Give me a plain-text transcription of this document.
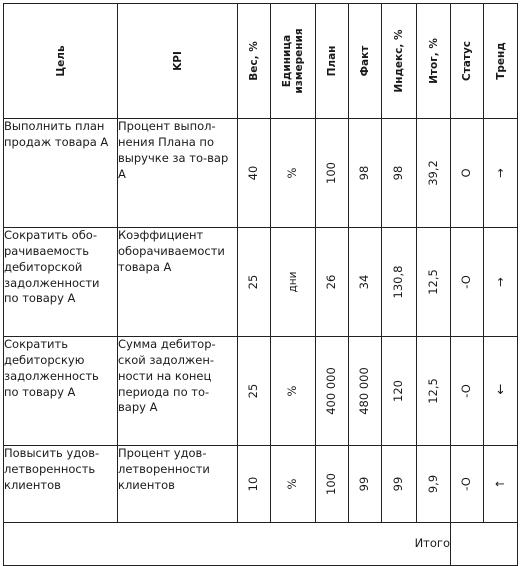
Цель	KPI	Вес, %	Единица
измерения	План	Факт	Индекс, %	Итог, %	Статус	Тренд

Выполнить план продаж товара А	Процент выпол-нения Плана по выручке за то-вар А	40	%	100	98	98	39,2	O	→

Сократить обо-рачиваемость дебиторской задолженности по товару А	Коэффициент оборачиваемости товара А	25	дни	26	34	130,8	12,5	-O	→

Сократить дебиторскую задолженность по товару А	Сумма дебитор-ской задолжен-ности на конец периода по то-вару А	25	%	400 000	480 000	120	12,5	-O	↓

Повысить удов-летворенность клиентов	Процент удов-летворенности клиентов	10	%	100	99	99	9,9	-O	↑

Итого									
